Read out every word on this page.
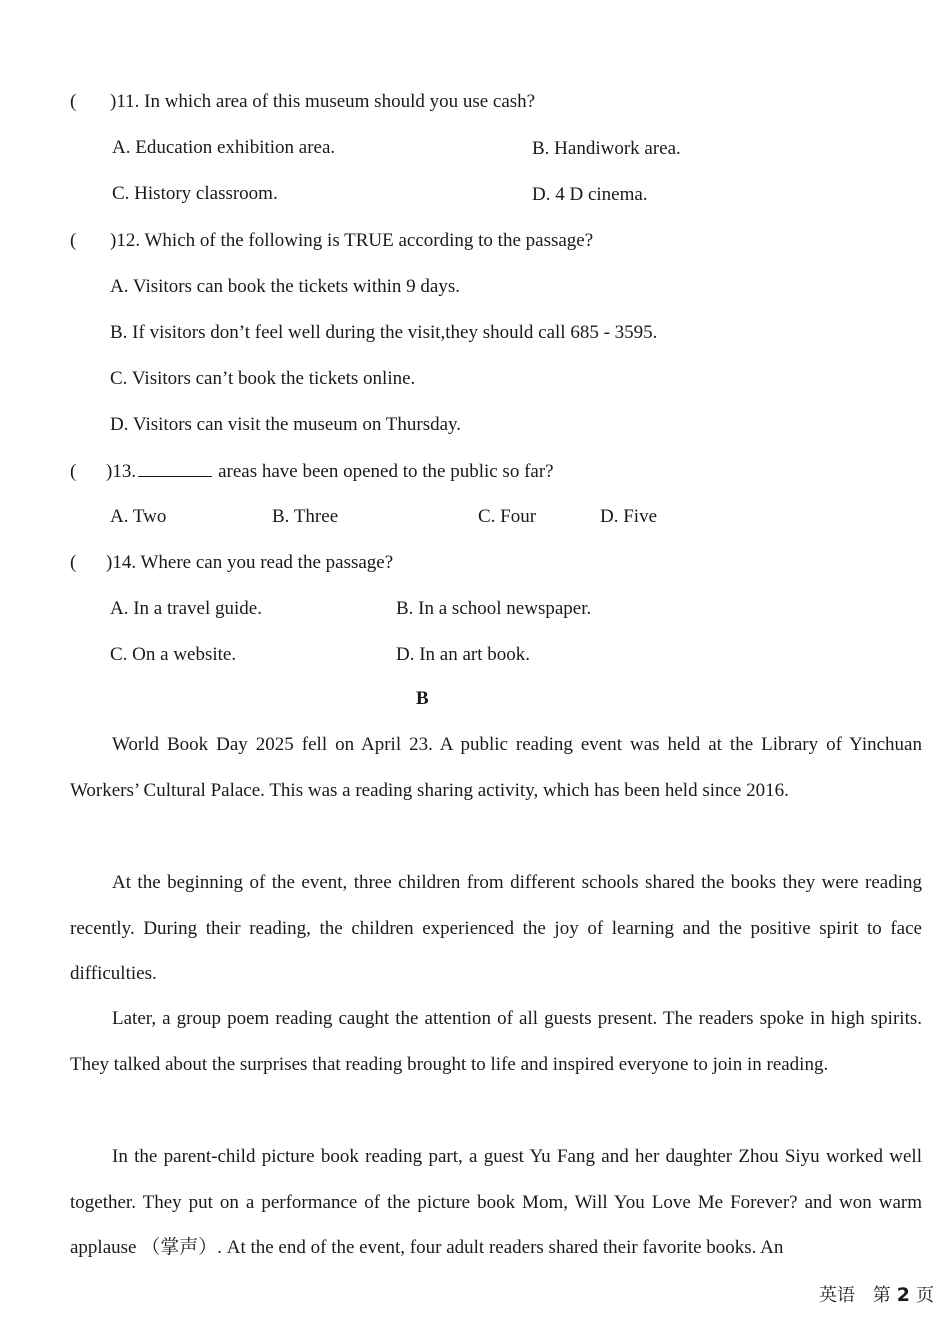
( )11. In which area of this museum should you use cash?
A. Education exhibition area.	B. Handiwork area.
C. History classroom.	D. 4 D cinema.
( )12. Which of the following is TRUE according to the passage?
A. Visitors can book the tickets within 9 days.
B. If visitors don’t feel well during the visit,they should call 685 - 3595.
C. Visitors can’t book the tickets online.
D. Visitors can visit the museum on Thursday.
( )13.	areas have been opened to the public so far?
A. Two	B. Three	C. Four	D. Five
( )14. Where can you read the passage?
A. In a travel guide.	B. In a school newspaper.
C. On a website.	D. In an art book.
B
World Book Day 2025 fell on April 23. A public reading event was held at the Library of Yinchuan Workers’ Cultural Palace. This was a reading sharing activity, which has been held since 2016.
At the beginning of the event, three children from different schools shared the books they were reading recently. During their reading, the children experienced the joy of learning and the positive spirit to face difficulties.
Later, a group poem reading caught the attention of all guests present. The readers spoke in high spirits. They talked about the surprises that reading brought to life and inspired everyone to join in reading.
In the parent-child picture book reading part, a guest Yu Fang and her daughter Zhou Siyu worked well together. They put on a performance of the picture book Mom, Will You Love Me Forever? and won warm applause （掌声）. At the end of the event, four adult readers shared their favorite books. An
英语 第 2 页
